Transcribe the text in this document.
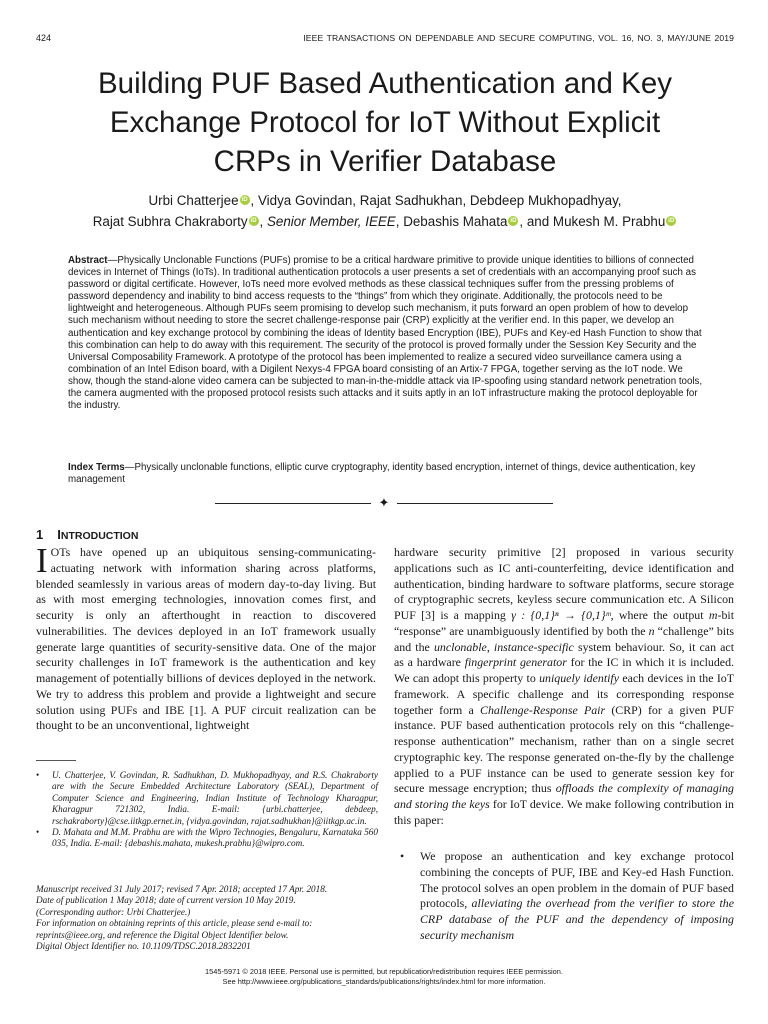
424	IEEE TRANSACTIONS ON DEPENDABLE AND SECURE COMPUTING, VOL. 16, NO. 3, MAY/JUNE 2019
Building PUF Based Authentication and Key
Exchange Protocol for IoT Without Explicit
CRPs in Verifier Database
Urbi Chatterjee iD , Vidya Govindan, Rajat Sadhukhan, Debdeep Mukhopadhyay,
Rajat Subhra Chakraborty iD , Senior Member, IEEE, Debashis Mahata iD , and Mukesh M. Prabhu iD

Abstract—Physically Unclonable Functions (PUFs) promise to be a critical hardware primitive to provide unique identities to billions of connected devices in Internet of Things (IoTs). In traditional authentication protocols a user presents a set of credentials with an accompanying proof such as password or digital certificate. However, IoTs need more evolved methods as these classical techniques suffer from the pressing problems of password dependency and inability to bind access requests to the “things” from which they originate. Additionally, the protocols need to be lightweight and heterogeneous. Although PUFs seem promising to develop such mechanism, it puts forward an open problem of how to develop such mechanism without needing to store the secret challenge-response pair (CRP) explicitly at the verifier end. In this paper, we develop an authentication and key exchange protocol by combining the ideas of Identity based Encryption (IBE), PUFs and Key-ed Hash Function to show that this combination can help to do away with this requirement. The security of the protocol is proved formally under the Session Key Security and the Universal Composability Framework. A prototype of the protocol has been implemented to realize a secured video surveillance camera using a combination of an Intel Edison board, with a Digilent Nexys-4 FPGA board consisting of an Artix-7 FPGA, together serving as the IoT node. We show, though the stand-alone video camera can be subjected to man-in-the-middle attack via IP-spoofing using standard network penetration tools, the camera augmented with the proposed protocol resists such attacks and it suits aptly in an IoT infrastructure making the protocol deployable for the industry.

Index Terms—Physically unclonable functions, elliptic curve cryptography, identity based encryption, internet of things, device authentication, key management

✦
1 INTRODUCTION

I OTs have opened up an ubiquitous sensing-communicating-actuating network with information sharing across platforms, blended seamlessly in various areas of modern day-to-day living. But as with most emerging technologies, innovation comes first, and security is only an afterthought in reaction to discovered vulnerabilities. The devices deployed in an IoT framework usually generate large quantities of security-sensitive data. One of the major security challenges in IoT framework is the authentication and key management of potentially billions of devices deployed in the network. We try to address this problem and provide a lightweight and secure solution using PUFs and IBE [1]. A PUF circuit realization can be thought to be an unconventional, lightweight

• U. Chatterjee, V. Govindan, R. Sadhukhan, D. Mukhopadhyay, and R.S. Chakraborty are with the Secure Embedded Architecture Laboratory (SEAL), Department of Computer Science and Engineering, Indian Institute of Technology Kharagpur, Kharagpur 721302, India. E-mail: {urbi.chatterjee, debdeep, rschakraborty}@cse.iitkgp.ernet.in, {vidya.govindan, rajat.sadhukhan}@iitkgp.ac.in.

• D. Mahata and M.M. Prabhu are with the Wipro Technogies, Bengaluru, Karnataka 560 035, India. E-mail: {debashis.mahata, mukesh.prabhu}@wipro.com.

Manuscript received 31 July 2017; revised 7 Apr. 2018; accepted 17 Apr. 2018.
Date of publication 1 May 2018; date of current version 10 May 2019.
(Corresponding author: Urbi Chatterjee.)
For information on obtaining reprints of this article, please send e-mail to:
reprints@ieee.org, and reference the Digital Object Identifier below.
Digital Object Identifier no. 10.1109/TDSC.2018.2832201

hardware security primitive [2] proposed in various security applications such as IC anti-counterfeiting, device identification and authentication, binding hardware to software platforms, secure storage of cryptographic secrets, keyless secure communication etc. A Silicon PUF [3] is a mapping γ : {0,1}ⁿ → {0,1}ᵐ, where the output m-bit “response” are unambiguously identified by both the n “challenge” bits and the unclonable, instance-specific system behaviour. So, it can act as a hardware fingerprint generator for the IC in which it is included. We can adopt this property to uniquely identify each devices in the IoT framework. A specific challenge and its corresponding response together form a Challenge-Response Pair (CRP) for a given PUF instance. PUF based authentication protocols rely on this “challenge-response authentication” mechanism, rather than on a single secret cryptographic key. The response generated on-the-fly by the challenge applied to a PUF instance can be used to generate session key for secure message encryption; thus offloads the complexity of managing and storing the keys for IoT device. We make following contribution in this paper:

• We propose an authentication and key exchange protocol combining the concepts of PUF, IBE and Key-ed Hash Function. The protocol solves an open problem in the domain of PUF based protocols, alleviating the overhead from the verifier to store the CRP database of the PUF and the dependency of imposing security mechanism

1545-5971 © 2018 IEEE. Personal use is permitted, but republication/redistribution requires IEEE permission.
See http://www.ieee.org/publications_standards/publications/rights/index.html for more information.
